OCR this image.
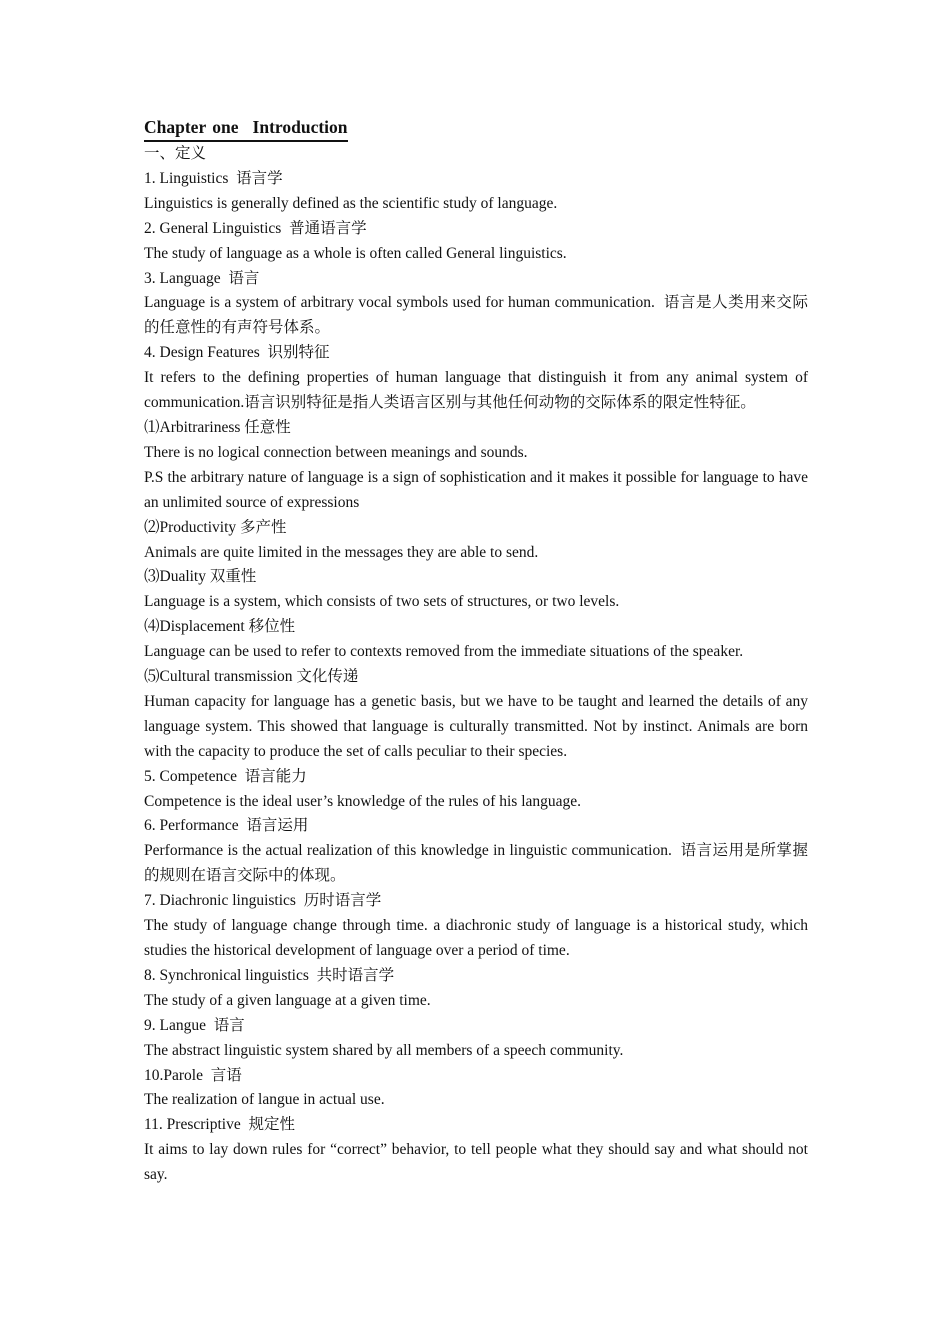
Chapter one Introduction

一、定义

1. Linguistics  语言学

Linguistics is generally defined as the scientific study of language.

2. General Linguistics  普通语言学

The study of language as a whole is often called General linguistics.

3. Language  语言

Language is a system of arbitrary vocal symbols used for human communication.  语言是人类用来交际的任意性的有声符号体系。

4. Design Features  识别特征

It refers to the defining properties of human language that distinguish it from any animal system of communication.语言识别特征是指人类语言区别与其他任何动物的交际体系的限定性特征。

⑴Arbitrariness 任意性

There is no logical connection between meanings and sounds.

P.S the arbitrary nature of language is a sign of sophistication and it makes it possible for language to have an unlimited source of expressions

⑵Productivity 多产性

Animals are quite limited in the messages they are able to send.

⑶Duality 双重性

Language is a system, which consists of two sets of structures, or two levels.

⑷Displacement 移位性

Language can be used to refer to contexts removed from the immediate situations of the speaker.

⑸Cultural transmission 文化传递

Human capacity for language has a genetic basis, but we have to be taught and learned the details of any language system. This showed that language is culturally transmitted. Not by instinct. Animals are born with the capacity to produce the set of calls peculiar to their species.

5. Competence  语言能力

Competence is the ideal user’s knowledge of the rules of his language.

6. Performance  语言运用

Performance is the actual realization of this knowledge in linguistic communication.  语言运用是所掌握的规则在语言交际中的体现。

7. Diachronic linguistics  历时语言学

The study of language change through time. a diachronic study of language is a historical study, which studies the historical development of language over a period of time.

8. Synchronical linguistics  共时语言学

The study of a given language at a given time.

9. Langue  语言

The abstract linguistic system shared by all members of a speech community.

10.Parole  言语

The realization of langue in actual use.

11. Prescriptive  规定性

It aims to lay down rules for “correct” behavior, to tell people what they should say and what should not say.
